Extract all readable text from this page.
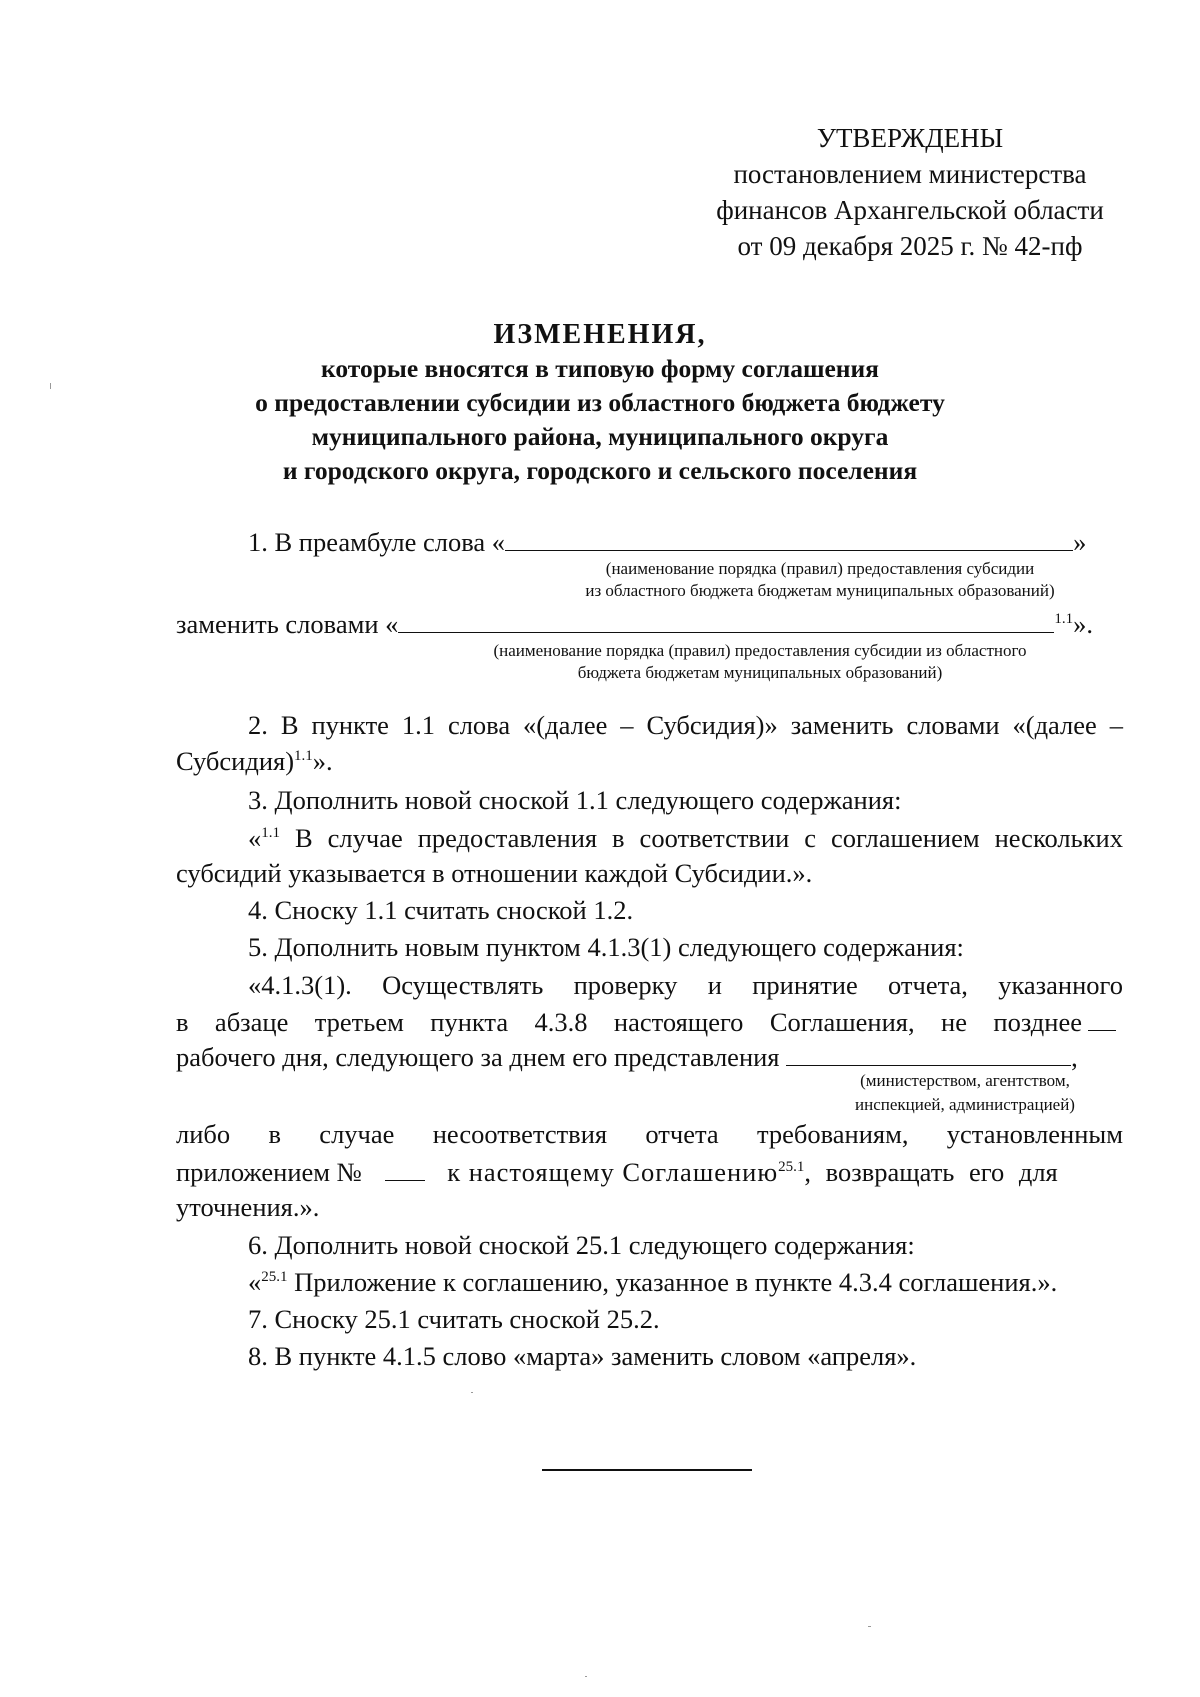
УТВЕРЖДЕНЫ
постановлением министерства
финансов Архангельской области
от 09 декабря 2025 г. № 42-пф
ИЗМЕНЕНИЯ,
которые вносятся в типовую форму соглашения
о предоставлении субсидии из областного бюджета бюджету
муниципального района, муниципального округа
и городского округа, городского и сельского поселения
1. В преамбуле слова «	»
(наименование порядка (правил) предоставления субсидии
из областного бюджета бюджетам муниципальных образований)
заменить словами «	$^{1.1}$».
(наименование порядка (правил) предоставления субсидии из областного
бюджета бюджетам муниципальных образований)
2. В пункте 1.1 слова «(далее – Субсидия)» заменить словами «(далее –
Субсидия)$^{1.1}$».
3. Дополнить новой сноской 1.1 следующего содержания:
«$^{1.1}$ В случае предоставления в соответствии с соглашением нескольких
субсидий указывается в отношении каждой Субсидии.».
4. Сноску 1.1 считать сноской 1.2.
5. Дополнить новым пунктом 4.1.3(1) следующего содержания:
«4.1.3(1). Осуществлять проверку и принятие отчета, указанного
в абзаце третьем пункта 4.3.8 настоящего Соглашения, не позднее
рабочего дня, следующего за днем его представления	,
(министерством, агентством,
инспекцией, администрацией)
либо в случае несоответствия отчета требованиям, установленным
приложением №	к настоящему Соглашению$^{25.1}$, возвращать его для
уточнения.».
6. Дополнить новой сноской 25.1 следующего содержания:
«$^{25.1}$ Приложение к соглашению, указанное в пункте 4.3.4 соглашения.».
7. Сноску 25.1 считать сноской 25.2.
8. В пункте 4.1.5 слово «марта» заменить словом «апреля».
